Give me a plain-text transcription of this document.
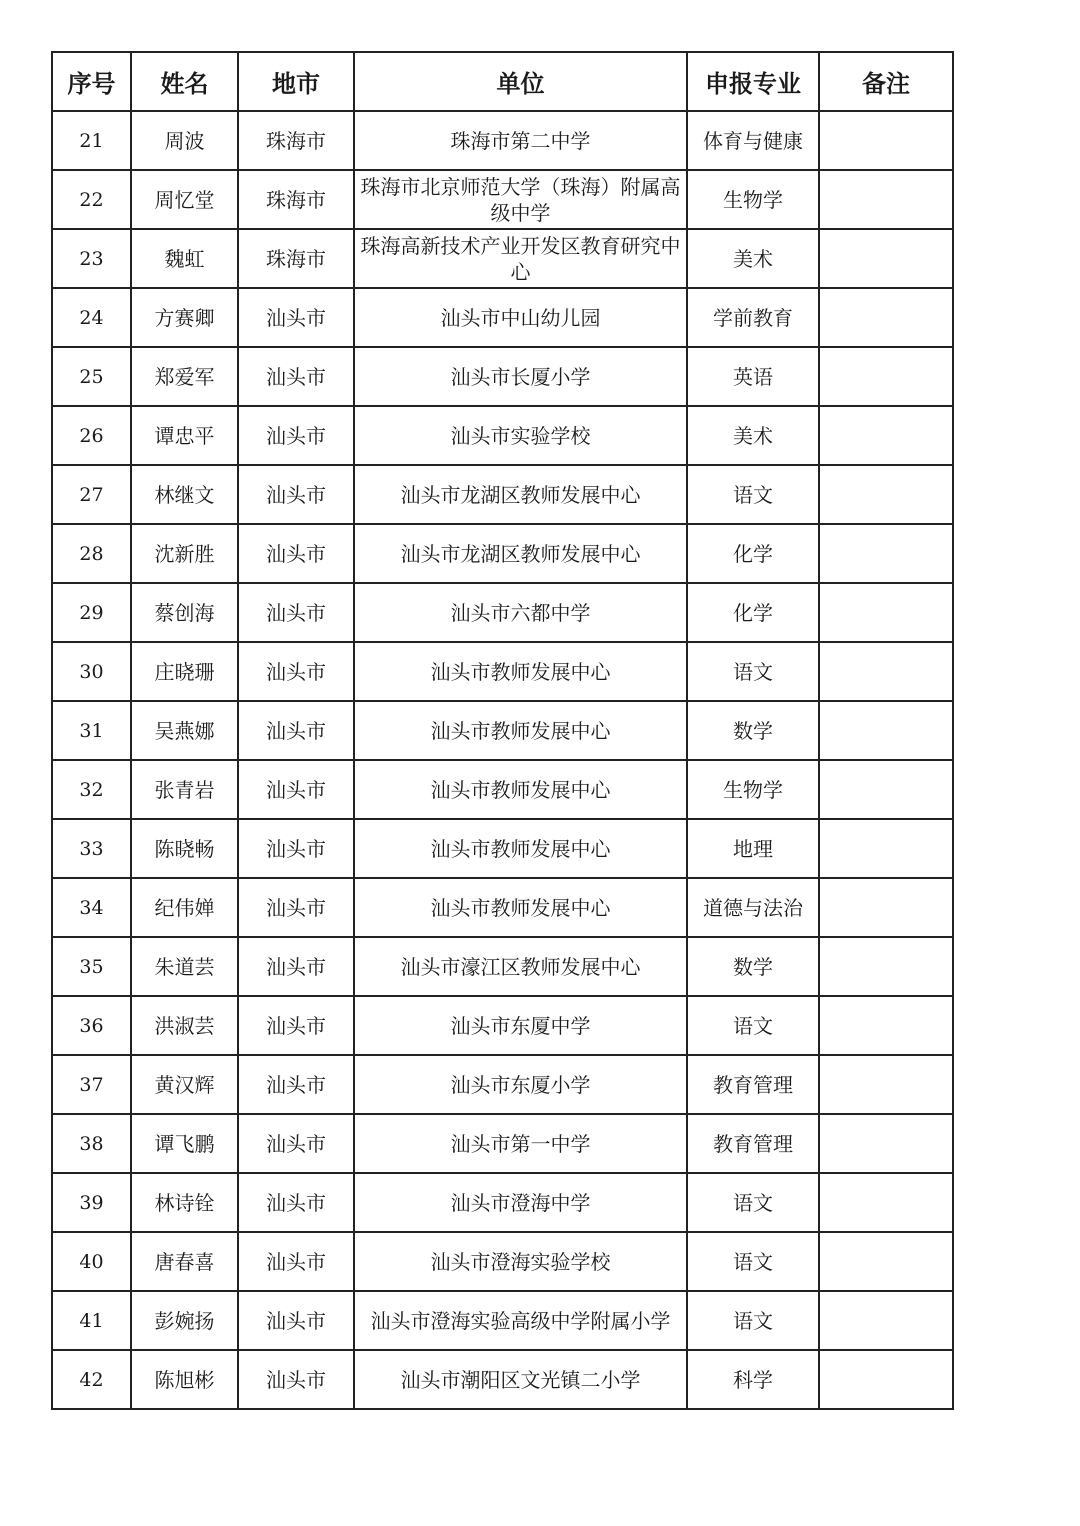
序号	姓名	地市	单位	申报专业	备注
21	周波	珠海市	珠海市第二中学	体育与健康	
22	周忆堂	珠海市	珠海市北京师范大学（珠海）附属高级中学	生物学	
23	魏虹	珠海市	珠海高新技术产业开发区教育研究中心	美术	
24	方赛卿	汕头市	汕头市中山幼儿园	学前教育	
25	郑爱军	汕头市	汕头市长厦小学	英语	
26	谭忠平	汕头市	汕头市实验学校	美术	
27	林继文	汕头市	汕头市龙湖区教师发展中心	语文	
28	沈新胜	汕头市	汕头市龙湖区教师发展中心	化学	
29	蔡创海	汕头市	汕头市六都中学	化学	
30	庄晓珊	汕头市	汕头市教师发展中心	语文	
31	吴燕娜	汕头市	汕头市教师发展中心	数学	
32	张青岩	汕头市	汕头市教师发展中心	生物学	
33	陈晓畅	汕头市	汕头市教师发展中心	地理	
34	纪伟婵	汕头市	汕头市教师发展中心	道德与法治	
35	朱道芸	汕头市	汕头市濠江区教师发展中心	数学	
36	洪淑芸	汕头市	汕头市东厦中学	语文	
37	黄汉辉	汕头市	汕头市东厦小学	教育管理	
38	谭飞鹏	汕头市	汕头市第一中学	教育管理	
39	林诗铨	汕头市	汕头市澄海中学	语文	
40	唐春喜	汕头市	汕头市澄海实验学校	语文	
41	彭婉扬	汕头市	汕头市澄海实验高级中学附属小学	语文	
42	陈旭彬	汕头市	汕头市潮阳区文光镇二小学	科学	
